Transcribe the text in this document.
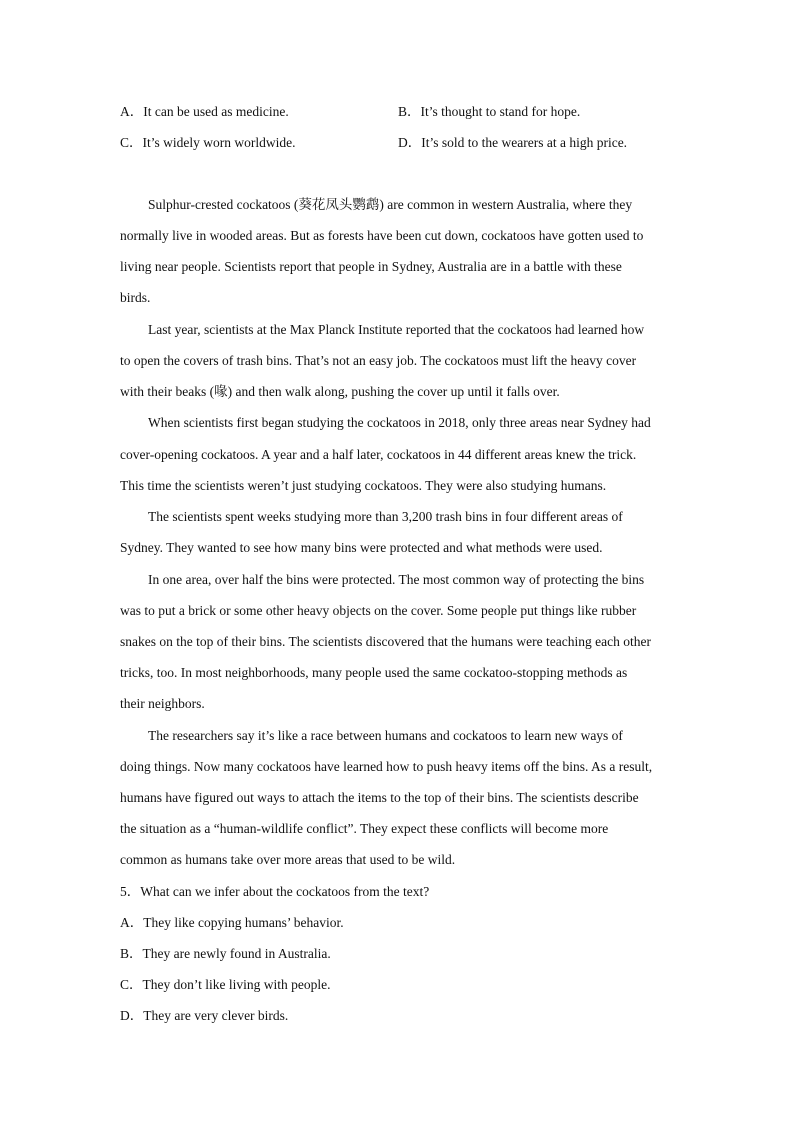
A．It can be used as medicine.	B．It’s thought to stand for hope.
C．It’s widely worn worldwide.	D．It’s sold to the wearers at a high price.
Sulphur-crested cockatoos (葵花凤头鹦鹉) are common in western Australia, where they
normally live in wooded areas. But as forests have been cut down, cockatoos have gotten used to
living near people. Scientists report that people in Sydney, Australia are in a battle with these
birds.
Last year, scientists at the Max Planck Institute reported that the cockatoos had learned how
to open the covers of trash bins. That’s not an easy job. The cockatoos must lift the heavy cover
with their beaks (喙) and then walk along, pushing the cover up until it falls over.
When scientists first began studying the cockatoos in 2018, only three areas near Sydney had
cover-opening cockatoos. A year and a half later, cockatoos in 44 different areas knew the trick.
This time the scientists weren’t just studying cockatoos. They were also studying humans.
The scientists spent weeks studying more than 3,200 trash bins in four different areas of
Sydney. They wanted to see how many bins were protected and what methods were used.
In one area, over half the bins were protected. The most common way of protecting the bins
was to put a brick or some other heavy objects on the cover. Some people put things like rubber
snakes on the top of their bins. The scientists discovered that the humans were teaching each other
tricks, too. In most neighborhoods, many people used the same cockatoo-stopping methods as
their neighbors.
The researchers say it’s like a race between humans and cockatoos to learn new ways of
doing things. Now many cockatoos have learned how to push heavy items off the bins. As a result,
humans have figured out ways to attach the items to the top of their bins. The scientists describe
the situation as a “human-wildlife conflict”. They expect these conflicts will become more
common as humans take over more areas that used to be wild.
5．What can we infer about the cockatoos from the text?
A．They like copying humans’ behavior.
B．They are newly found in Australia.
C．They don’t like living with people.
D．They are very clever birds.
